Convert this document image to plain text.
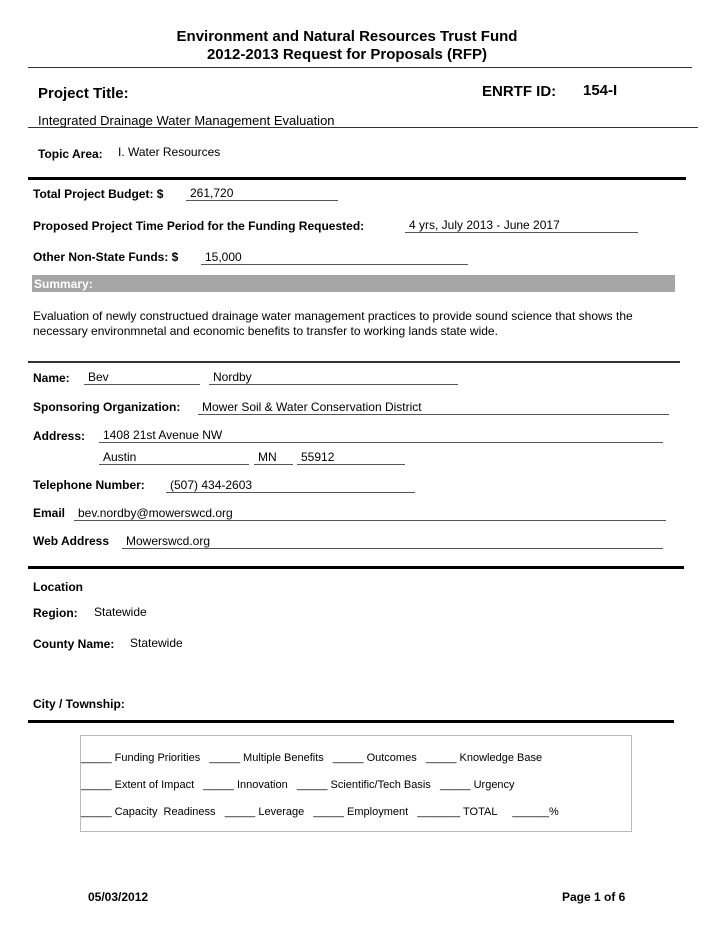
Environment and Natural Resources Trust Fund
2012-2013 Request for Proposals (RFP)
Project Title:	ENRTF ID: 154-I
Integrated Drainage Water Management Evaluation
Topic Area: I. Water Resources
Total Project Budget: $	261,720
Proposed Project Time Period for the Funding Requested:	4 yrs, July 2013 - June 2017
Other Non-State Funds: $	15,000
Summary:
Evaluation of newly constructued drainage water management practices to provide sound science that shows the necessary environmnetal and economic benefits to transfer to working lands state wide.
Name:	Bev	Nordby
Sponsoring Organization:	Mower Soil & Water Conservation District
Address:	1408 21st Avenue NW
Austin	MN	55912
Telephone Number:	(507) 434-2603
Email	bev.nordby@mowerswcd.org
Web Address	Mowerswcd.org
Location
Region: Statewide
County Name: Statewide
City / Township:
_____ Funding Priorities   _____ Multiple Benefits   _____ Outcomes   _____ Knowledge Base
_____ Extent of Impact   _____ Innovation   _____ Scientific/Tech Basis   _____ Urgency
_____ Capacity  Readiness   _____ Leverage   _____ Employment   _______ TOTAL     ______%
05/03/2012	Page 1 of 6
